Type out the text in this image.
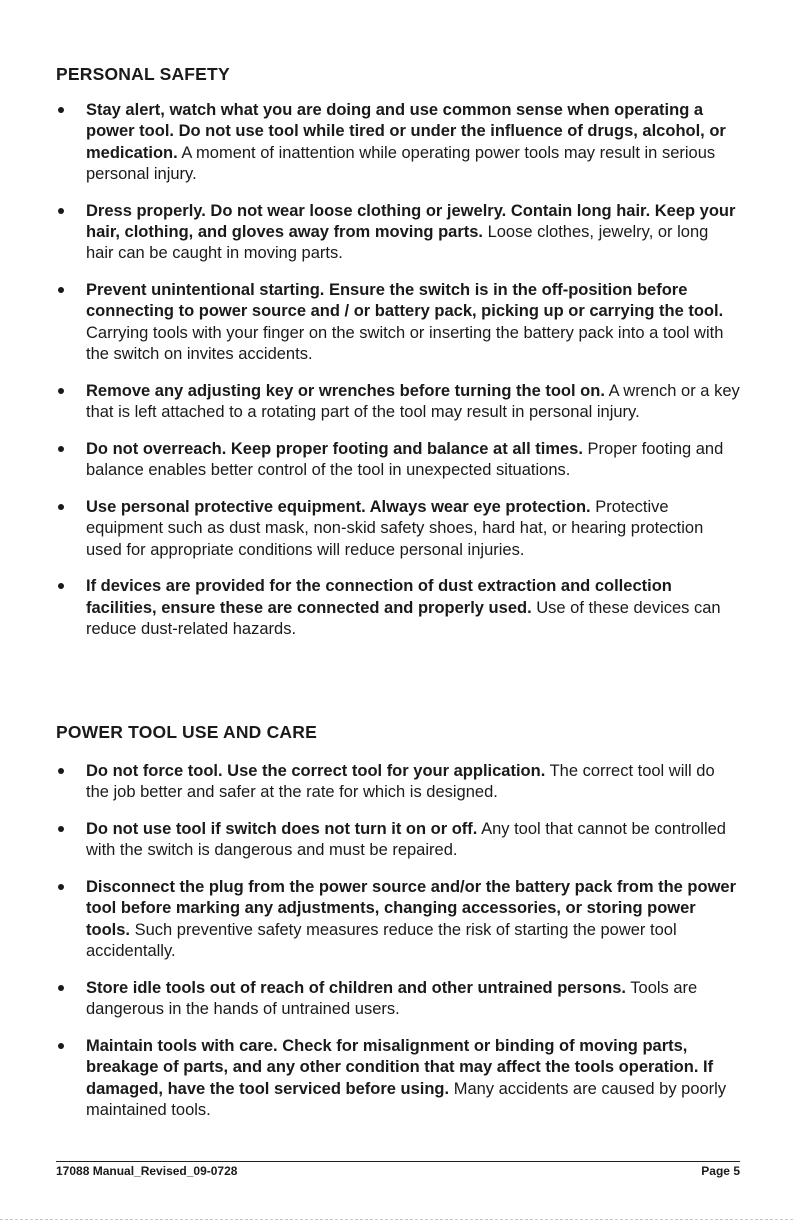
PERSONAL SAFETY
Stay alert, watch what you are doing and use common sense when operating a power tool. Do not use tool while tired or under the influence of drugs, alcohol, or medication. A moment of inattention while operating power tools may result in serious personal injury.
Dress properly. Do not wear loose clothing or jewelry. Contain long hair. Keep your hair, clothing, and gloves away from moving parts. Loose clothes, jewelry, or long hair can be caught in moving parts.
Prevent unintentional starting. Ensure the switch is in the off-position before connecting to power source and / or battery pack, picking up or carrying the tool. Carrying tools with your finger on the switch or inserting the battery pack into a tool with the switch on invites accidents.
Remove any adjusting key or wrenches before turning the tool on. A wrench or a key that is left attached to a rotating part of the tool may result in personal injury.
Do not overreach. Keep proper footing and balance at all times. Proper footing and balance enables better control of the tool in unexpected situations.
Use personal protective equipment. Always wear eye protection. Protective equipment such as dust mask, non-skid safety shoes, hard hat, or hearing protection used for appropriate conditions will reduce personal injuries.
If devices are provided for the connection of dust extraction and collection facilities, ensure these are connected and properly used. Use of these devices can reduce dust-related hazards.
POWER TOOL USE AND CARE
Do not force tool. Use the correct tool for your application. The correct tool will do the job better and safer at the rate for which is designed.
Do not use tool if switch does not turn it on or off. Any tool that cannot be controlled with the switch is dangerous and must be repaired.
Disconnect the plug from the power source and/or the battery pack from the power tool before marking any adjustments, changing accessories, or storing power tools. Such preventive safety measures reduce the risk of starting the power tool accidentally.
Store idle tools out of reach of children and other untrained persons. Tools are dangerous in the hands of untrained users.
Maintain tools with care. Check for misalignment or binding of moving parts, breakage of parts, and any other condition that may affect the tools operation. If damaged, have the tool serviced before using. Many accidents are caused by poorly maintained tools.
17088 Manual_Revised_09-0728	Page 5
